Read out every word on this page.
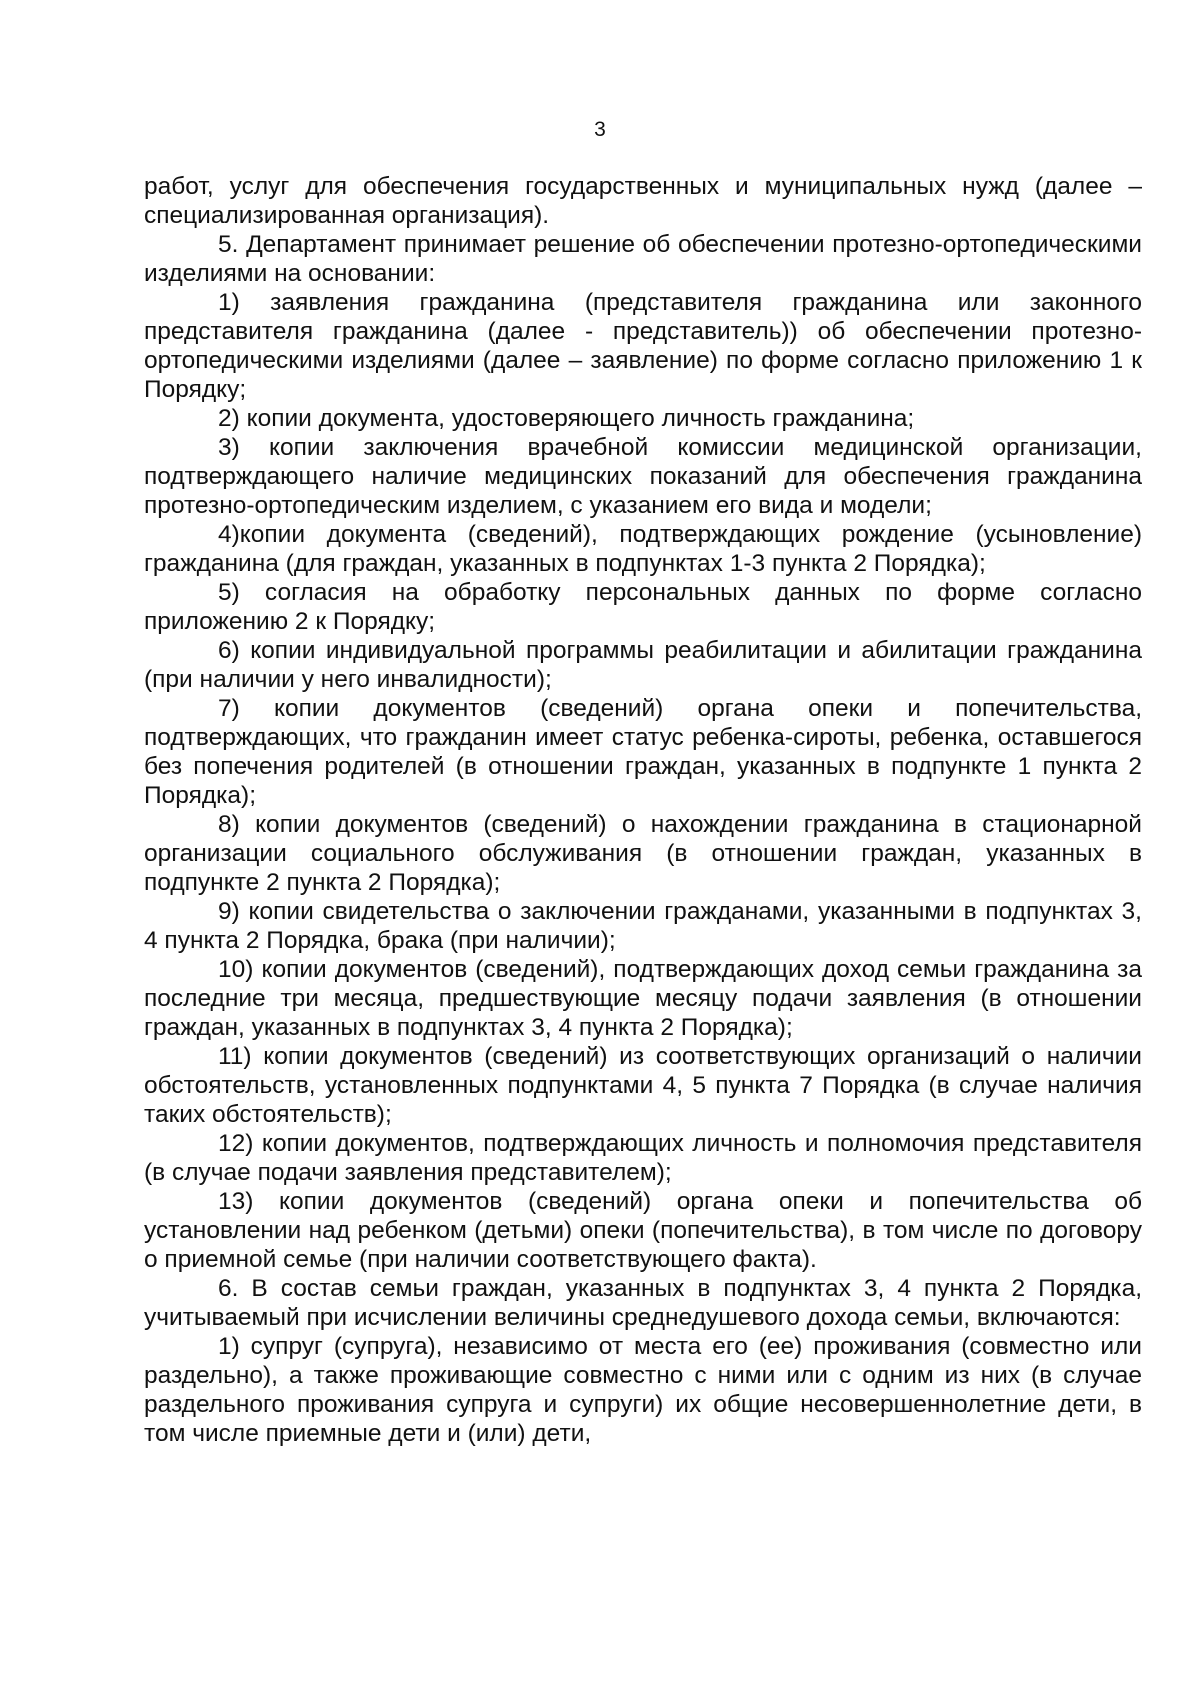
3

работ, услуг для обеспечения государственных и муниципальных нужд (далее – специализированная организация).

5. Департамент принимает решение об обеспечении протезно-ортопедическими изделиями на основании:

1) заявления гражданина (представителя гражданина или законного представителя гражданина (далее - представитель)) об обеспечении протезно-ортопедическими изделиями (далее – заявление) по форме согласно приложению 1 к Порядку;

2) копии документа, удостоверяющего личность гражданина;

3) копии заключения врачебной комиссии медицинской организации, подтверждающего наличие медицинских показаний для обеспечения гражданина протезно-ортопедическим изделием, с указанием его вида и модели;

4)копии документа (сведений), подтверждающих рождение (усыновление) гражданина (для граждан, указанных в подпунктах 1-3 пункта 2 Порядка);

5) согласия на обработку персональных данных по форме согласно приложению 2 к Порядку;

6) копии индивидуальной программы реабилитации и абилитации гражданина (при наличии у него инвалидности);

7) копии документов (сведений) органа опеки и попечительства, подтверждающих, что гражданин имеет статус ребенка-сироты, ребенка, оставшегося без попечения родителей (в отношении граждан, указанных в подпункте 1 пункта 2 Порядка);

8) копии документов (сведений) о нахождении гражданина в стационарной организации социального обслуживания (в отношении граждан, указанных в подпункте 2 пункта 2 Порядка);

9) копии свидетельства о заключении гражданами, указанными в подпунктах 3, 4 пункта 2 Порядка, брака (при наличии);

10) копии документов (сведений), подтверждающих доход семьи гражданина за последние три месяца, предшествующие месяцу подачи заявления (в отношении граждан, указанных в подпунктах 3, 4 пункта 2 Порядка);

11) копии документов (сведений) из соответствующих организаций о наличии обстоятельств, установленных подпунктами 4, 5 пункта 7 Порядка (в случае наличия таких обстоятельств);

12) копии документов, подтверждающих личность и полномочия представителя (в случае подачи заявления представителем);

13) копии документов (сведений) органа опеки и попечительства об установлении над ребенком (детьми) опеки (попечительства), в том числе по договору о приемной семье (при наличии соответствующего факта).

6. В состав семьи граждан, указанных в подпунктах 3, 4 пункта 2 Порядка, учитываемый при исчислении величины среднедушевого дохода семьи, включаются:

1) супруг (супруга), независимо от места его (ее) проживания (совместно или раздельно), а также проживающие совместно с ними или с одним из них (в случае раздельного проживания супруга и супруги) их общие несовершеннолетние дети, в том числе приемные дети и (или) дети,
